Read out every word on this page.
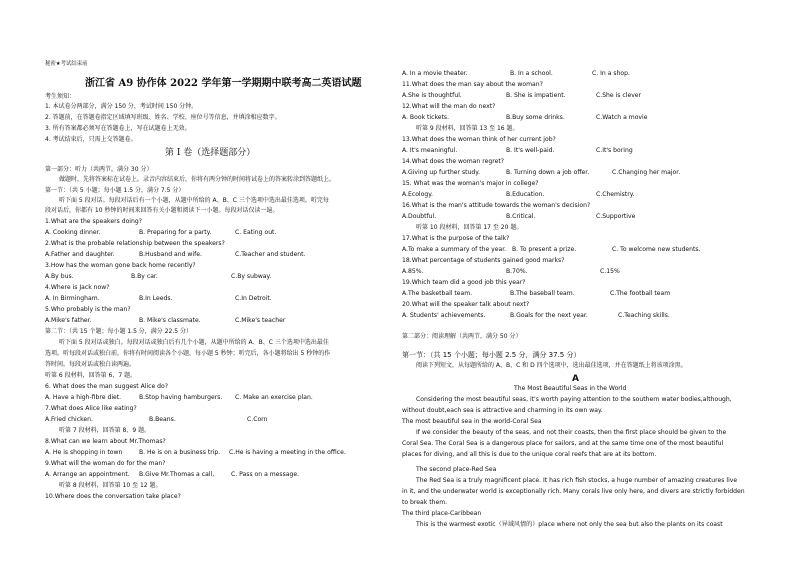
秘密★考试结束前
浙江省 A9 协作体 2022 学年第一学期期中联考高二英语试题
考生须知：
1. 本试卷分两部分，满分 150 分，考试时间 150 分钟。
2. 答题前，在答题卷指定区域填写班级、姓名、学校、座位号等信息，并填涂相应数字。
3. 所有答案都必须写在答题卷上，写在试题卷上无效。
4. 考试结束后，只需上交答题卷。
第 Ⅰ 卷（选择题部分）
第一部分：听力（共两节，满分 30 分）
做题时，先将答案标在试卷上。录音内容结束后，你将有两分钟的时间将试卷上的答案转涂到答题纸上。
第一节：（共 5 小题；每小题 1.5 分，满分 7.5 分）
听下面 5 段对话。每段对话后有一个小题，从题中所给的 A、B、C 三个选项中选出最佳选项。听完每
段对话后，你都有 10 秒钟的时间来回答有关小题和阅读下一小题。每段对话仅读一遍。
1.What are the speakers doing?
A. Cooking dinner.	B. Preparing for a party.	C. Eating out.
2.What is the probable relationship between the speakers?
A.Father and daughter.	B.Husband and wife.	C.Teacher and student.
3.How has the woman gone back home recently?
A.By bus.	B.By car.	C.By subway.
4.Where is Jack now?
A. In Birmingham.	B.In Leeds.	C.In Detroit.
5.Who probably is the man?
A.Mike's father.	B. Mike's classmate.	C.Mike's teacher
第二节：（共 15 个题；每小题 1.5 分，满分 22.5 分）
听下面 5 段对话或独白。每段对话或独白后有几个小题，从题中所给的 A、B、C 三个选项中选出最佳
选项。听每段对话或独白前，你将有时间阅读各个小题，每小题 5 秒钟；听完后，各小题将给出 5 秒钟的作
答时间。每段对话或独白读两遍。
听第 6 段材料，回答第 6、7 题。
6. What does the man suggest Alice do?
A. Have a high-fibre diet.	B.Stop having hamburgers. C. Make an exercise plan.
7.What does Alice like eating?
A.Fried chicken.	B.Beans.	C.Corn
听第 7 段材料，回答第 8、9 题。
8.What can we learn about Mr.Thomas?
A. He is shopping in town	B. He is on a business trip. C.He is having a meeting in the office.
9.What will the woman do for the man?
A. Arrange an appointment. B.Give Mr.Thomas a call,	C. Pass on a message.
听第 8 段材料，回答第 10 至 12 题。
10.Where does the conversation take place?
A. In a movie theater.	B. In a school.	C. In a shop.
11.What does the man say about the woman?
A.She is thoughtful.	B. She is impatient.	C.She is clever
12.What will the man do next?
A. Book tickets.	B.Buy some drinks.	C.Watch a movie
听第 9 段材料，回答第 13 至 16 题。
13.What does the woman think of her current job?
A. It's meaningful.	B. It's well-paid.	C.It's boring
14.What does the woman regret?
A.Giving up further study.	B. Turning down a job offer.	C.Changing her major.
15. What was the woman's major in college?
A.Ecology.	B.Education.	C.Chemistry.
16.What is the man's attitude towards the woman's decision?
A.Doubtful.	B.Critical.	C.Supportive
听第 10 段材料，回答第 17 至 20 题。
17.What is the purpose of the talk?
A.To make a summary of the year. B. To present a prize.	C. To welcome new students.
18.What percentage of students gained good marks?
A.85%.	B.70%.	C.15%
19.Which team did a good job this year?
A.The basketball team.	B.The baseball team.	C.The football team
20.What will the speaker talk about next?
A. Students' achievements.	B.Goals for the next year.	C.Teaching skills.
第二部分：阅读理解（共两节，满分 50 分）
第一节：（共 15 个小题；每小题 2.5 分，满分 37.5 分）
阅读下列短文，从每题所给的 A、B、C 和 D 四个选项中，选出最佳选项，并在答题纸上将该项涂黑。
A
The Most Beautiful Seas in the World
Considering the most beautiful seas, it's worth paying attention to the southern water bodies,although,
without doubt,each sea is attractive and charming in its own way.
The most beautiful sea in the world-Coral Sea
If we consider the beauty of the seas, and not their coasts, then the first place should be given to the
Coral Sea. The Coral Sea is a dangerous place for sailors, and at the same time one of the most beautiful
places for diving, and all this is due to the unique coral reefs that are at its bottom.
The second place-Red Sea
The Red Sea is a truly magnificent place. It has rich fish stocks, a huge number of amazing creatures live
in it, and the underwater world is exceptionally rich. Many corals live only here, and divers are strictly forbidden
to break them.
The third place-Caribbean
This is the warmest exotic（异域风情的）place where not only the sea but also the plants on its coast
